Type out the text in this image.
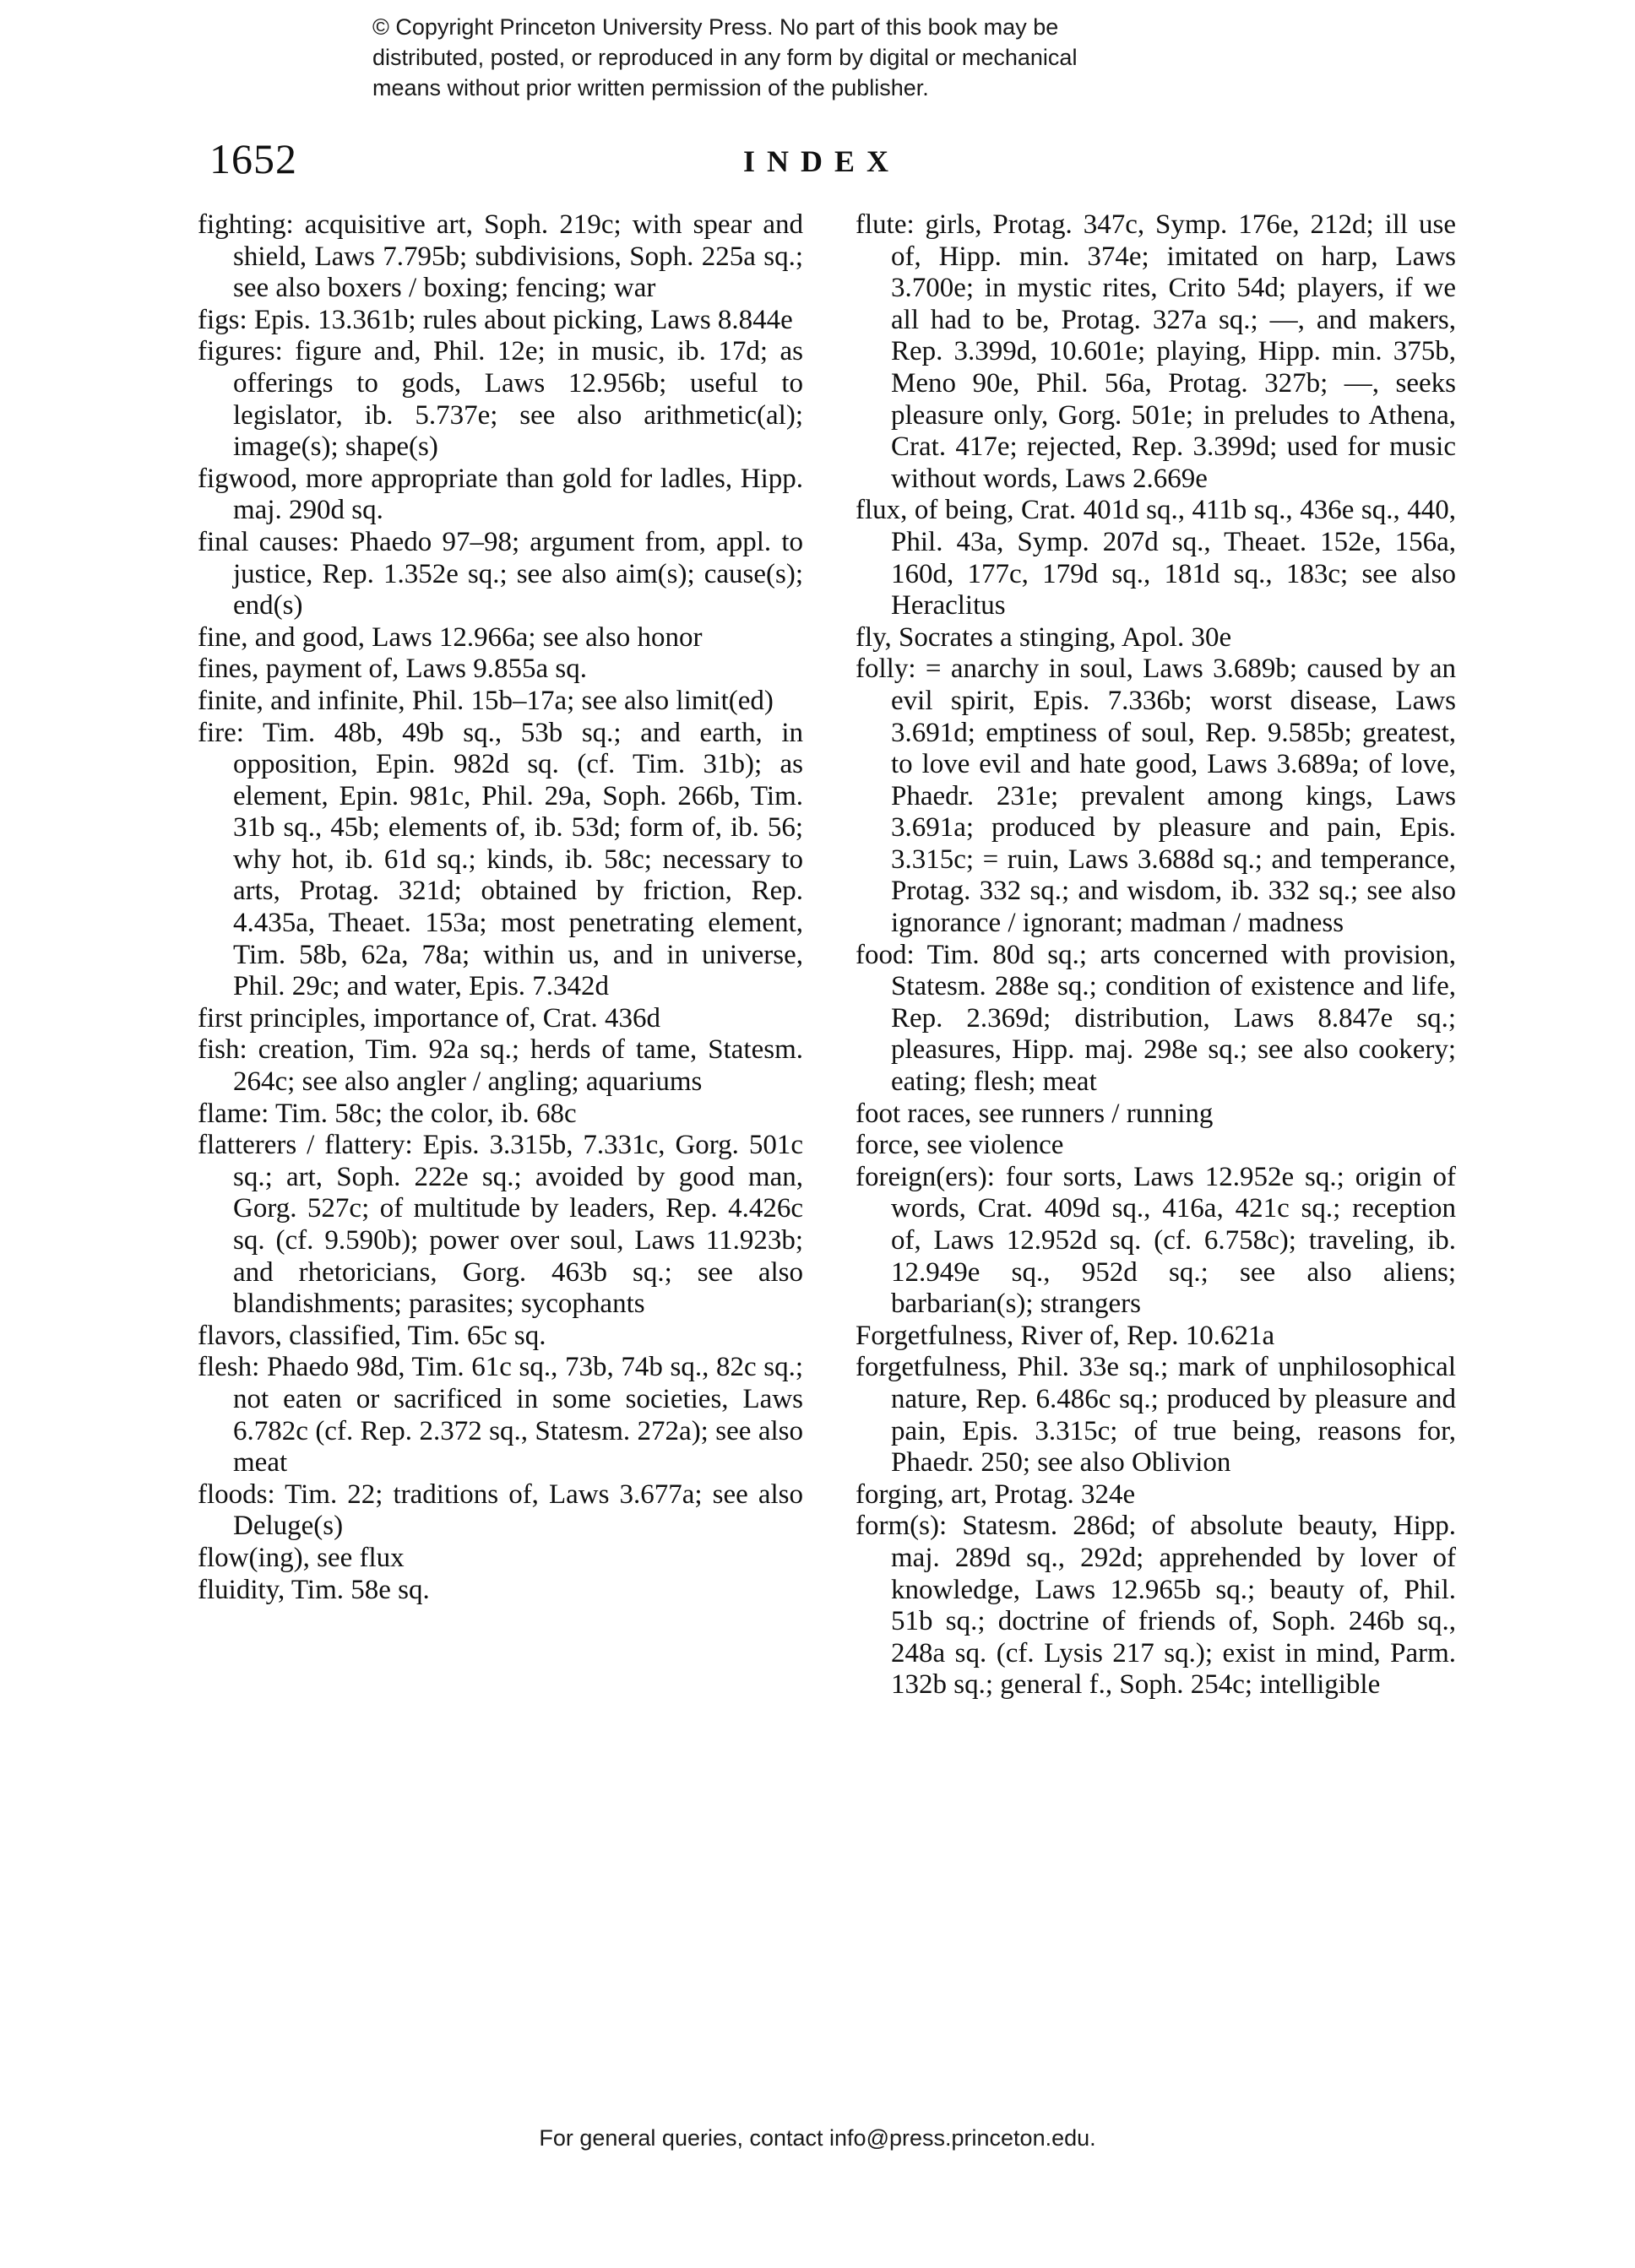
© Copyright Princeton University Press. No part of this book may be
distributed, posted, or reproduced in any form by digital or mechanical
means without prior written permission of the publisher.
1652	INDEX

fighting: acquisitive art, Soph. 219c; with spear and shield, Laws 7.795b; subdivisions, Soph. 225a sq.; see also boxers / boxing; fencing; war

figs: Epis. 13.361b; rules about picking, Laws 8.844e

figures: figure and, Phil. 12e; in music, ib. 17d; as offerings to gods, Laws 12.956b; useful to legislator, ib. 5.737e; see also arithmetic(al); image(s); shape(s)

figwood, more appropriate than gold for ladles, Hipp. maj. 290d sq.

final causes: Phaedo 97–98; argument from, appl. to justice, Rep. 1.352e sq.; see also aim(s); cause(s); end(s)

fine, and good, Laws 12.966a; see also honor

fines, payment of, Laws 9.855a sq.

finite, and infinite, Phil. 15b–17a; see also limit(ed)

fire: Tim. 48b, 49b sq., 53b sq.; and earth, in opposition, Epin. 982d sq. (cf. Tim. 31b); as element, Epin. 981c, Phil. 29a, Soph. 266b, Tim. 31b sq., 45b; elements of, ib. 53d; form of, ib. 56; why hot, ib. 61d sq.; kinds, ib. 58c; necessary to arts, Protag. 321d; obtained by friction, Rep. 4.435a, Theaet. 153a; most penetrating element, Tim. 58b, 62a, 78a; within us, and in universe, Phil. 29c; and water, Epis. 7.342d

first principles, importance of, Crat. 436d

fish: creation, Tim. 92a sq.; herds of tame, Statesm. 264c; see also angler / angling; aquariums

flame: Tim. 58c; the color, ib. 68c

flatterers / flattery: Epis. 3.315b, 7.331c, Gorg. 501c sq.; art, Soph. 222e sq.; avoided by good man, Gorg. 527c; of multitude by leaders, Rep. 4.426c sq. (cf. 9.590b); power over soul, Laws 11.923b; and rhetoricians, Gorg. 463b sq.; see also blandishments; parasites; sycophants

flavors, classified, Tim. 65c sq.

flesh: Phaedo 98d, Tim. 61c sq., 73b, 74b sq., 82c sq.; not eaten or sacrificed in some societies, Laws 6.782c (cf. Rep. 2.372 sq., Statesm. 272a); see also meat

floods: Tim. 22; traditions of, Laws 3.677a; see also Deluge(s)

flow(ing), see flux

fluidity, Tim. 58e sq.

flute: girls, Protag. 347c, Symp. 176e, 212d; ill use of, Hipp. min. 374e; imitated on harp, Laws 3.700e; in mystic rites, Crito 54d; players, if we all had to be, Protag. 327a sq.; —, and makers, Rep. 3.399d, 10.601e; playing, Hipp. min. 375b, Meno 90e, Phil. 56a, Protag. 327b; —, seeks pleasure only, Gorg. 501e; in preludes to Athena, Crat. 417e; rejected, Rep. 3.399d; used for music without words, Laws 2.669e

flux, of being, Crat. 401d sq., 411b sq., 436e sq., 440, Phil. 43a, Symp. 207d sq., Theaet. 152e, 156a, 160d, 177c, 179d sq., 181d sq., 183c; see also Heraclitus

fly, Socrates a stinging, Apol. 30e

folly: = anarchy in soul, Laws 3.689b; caused by an evil spirit, Epis. 7.336b; worst disease, Laws 3.691d; emptiness of soul, Rep. 9.585b; greatest, to love evil and hate good, Laws 3.689a; of love, Phaedr. 231e; prevalent among kings, Laws 3.691a; produced by pleasure and pain, Epis. 3.315c; = ruin, Laws 3.688d sq.; and temperance, Protag. 332 sq.; and wisdom, ib. 332 sq.; see also ignorance / ignorant; madman / madness

food: Tim. 80d sq.; arts concerned with provision, Statesm. 288e sq.; condition of existence and life, Rep. 2.369d; distribution, Laws 8.847e sq.; pleasures, Hipp. maj. 298e sq.; see also cookery; eating; flesh; meat

foot races, see runners / running

force, see violence

foreign(ers): four sorts, Laws 12.952e sq.; origin of words, Crat. 409d sq., 416a, 421c sq.; reception of, Laws 12.952d sq. (cf. 6.758c); traveling, ib. 12.949e sq., 952d sq.; see also aliens; barbarian(s); strangers

Forgetfulness, River of, Rep. 10.621a

forgetfulness, Phil. 33e sq.; mark of unphilosophical nature, Rep. 6.486c sq.; produced by pleasure and pain, Epis. 3.315c; of true being, reasons for, Phaedr. 250; see also Oblivion

forging, art, Protag. 324e

form(s): Statesm. 286d; of absolute beauty, Hipp. maj. 289d sq., 292d; apprehended by lover of knowledge, Laws 12.965b sq.; beauty of, Phil. 51b sq.; doctrine of friends of, Soph. 246b sq., 248a sq. (cf. Lysis 217 sq.); exist in mind, Parm. 132b sq.; general f., Soph. 254c; intelligible

For general queries, contact info@press.princeton.edu.
